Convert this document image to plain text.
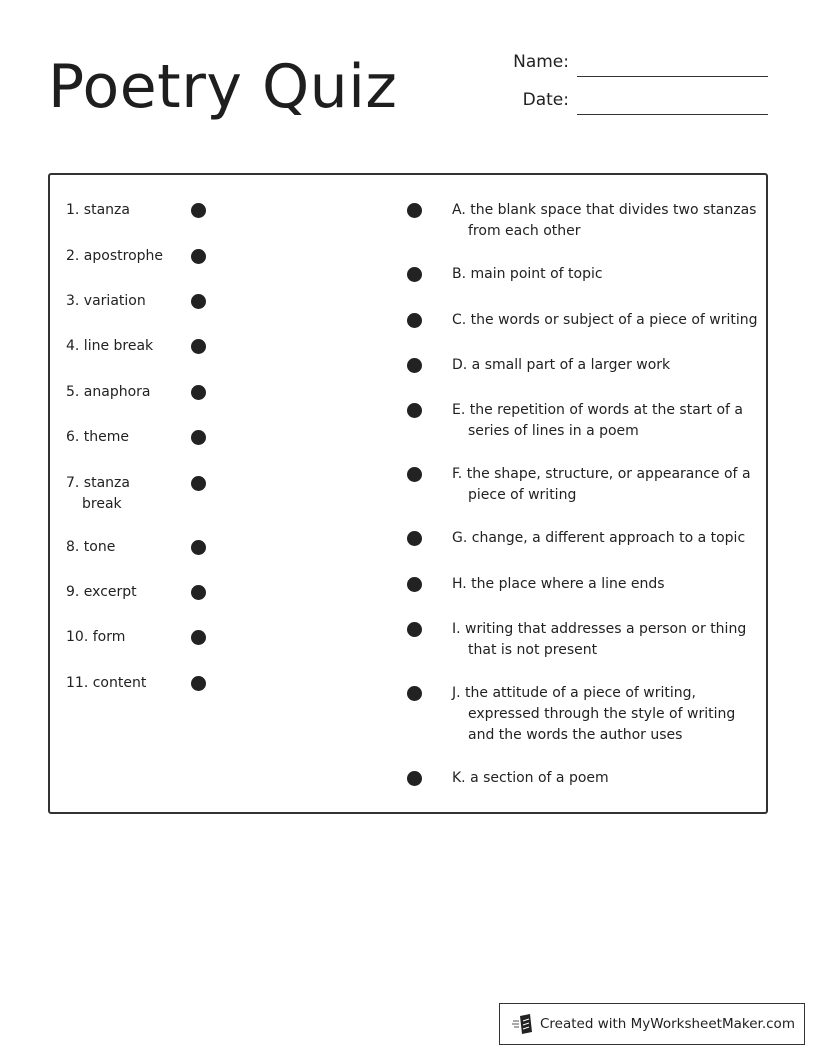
Poetry Quiz	Name:
Date:
1. stanza
2. apostrophe
3. variation
4. line break
5. anaphora
6. theme
7. stanza
break
8. tone
9. excerpt
10. form
11. content
A. the blank space that divides two stanzas
from each other
B. main point of topic
C. the words or subject of a piece of writing
D. a small part of a larger work
E. the repetition of words at the start of a
series of lines in a poem
F. the shape, structure, or appearance of a
piece of writing
G. change, a different approach to a topic
H. the place where a line ends
I. writing that addresses a person or thing
that is not present
J. the attitude of a piece of writing,
expressed through the style of writing
and the words the author uses
K. a section of a poem
Created with MyWorksheetMaker.com
